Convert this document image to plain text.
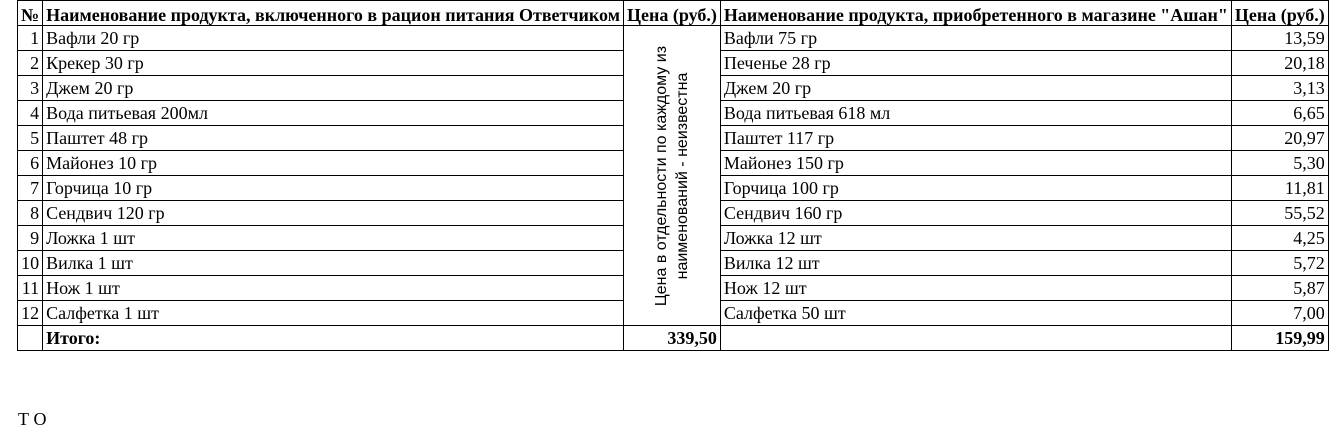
№	Наименование продукта, включенного в рацион питания Ответчиком	Цена (руб.)	Наименование продукта, приобретенного в магазине "Ашан"	Цена (руб.)
1	Вафли 20 гр	Цена в отдельности по каждому из наименований - неизвестна	Вафли 75 гр	13,59
2	Крекер 30 гр		Печенье 28 гр	20,18
3	Джем 20 гр		Джем 20 гр	3,13
4	Вода питьевая 200мл		Вода питьевая 618 мл	6,65
5	Паштет 48 гр		Паштет 117 гр	20,97
6	Майонез 10 гр		Майонез 150 гр	5,30
7	Горчица 10 гр		Горчица 100 гр	11,81
8	Сендвич 120 гр		Сендвич 160 гр	55,52
9	Ложка 1 шт		Ложка 12 шт	4,25
10	Вилка 1 шт		Вилка 12 шт	5,72
11	Нож 1 шт		Нож 12 шт	5,87
12	Салфетка 1 шт		Салфетка 50 шт	7,00
	Итого:	339,50		159,99
Т О
